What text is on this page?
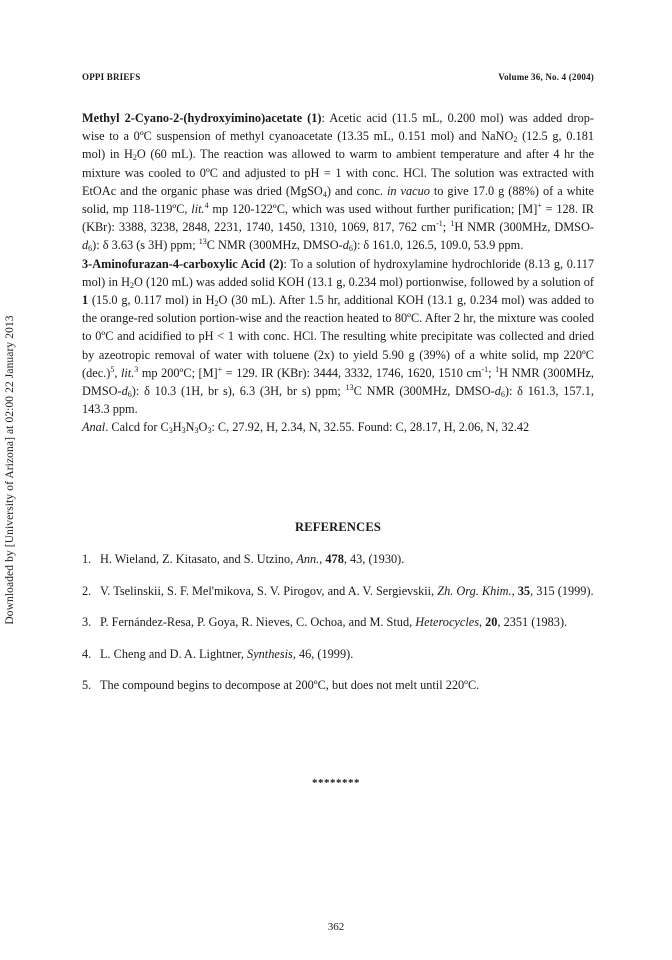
Downloaded by [University of Arizona] at 02:00 22 January 2013
OPPI BRIEFS	Volume 36, No. 4 (2004)

Methyl 2-Cyano-2-(hydroxyimino)acetate (1): Acetic acid (11.5 mL, 0.200 mol) was added drop-wise to a 0ºC suspension of methyl cyanoacetate (13.35 mL, 0.151 mol) and NaNO$_2$ (12.5 g, 0.181 mol) in $H_2O$ (60 mL). The reaction was allowed to warm to ambient temperature and after 4 hr the mixture was cooled to 0ºC and adjusted to pH = 1 with conc. HCl. The solution was extracted with EtOAc and the organic phase was dried (MgSO$_4$) and conc. in vacuo to give 17.0 g (88%) of a white solid, mp 118-119ºC, lit.$^4$ mp 120-122ºC, which was used without further purification; [M]+ = 128. IR (KBr): 3388, 3238, 2848, 2231, 1740, 1450, 1310, 1069, 817, 762 $cm^{-1}$; $^1$H NMR (300MHz, DMSO-$d_6$): δ 3.63 (s 3H) ppm; $^{13}$C NMR (300MHz, DMSO-$d_6$): δ 161.0, 126.5, 109.0, 53.9 ppm.

3-Aminofurazan-4-carboxylic Acid (2): To a solution of hydroxylamine hydrochloride (8.13 g, 0.117 mol) in $H_2O$ (120 mL) was added solid KOH (13.1 g, 0.234 mol) portionwise, followed by a solution of 1 (15.0 g, 0.117 mol) in $H_2O$ (30 mL). After 1.5 hr, additional KOH (13.1 g, 0.234 mol) was added to the orange-red solution portion-wise and the reaction heated to 80ºC. After 2 hr, the mixture was cooled to 0ºC and acidified to pH < 1 with conc. HCl. The resulting white precipitate was collected and dried by azeotropic removal of water with toluene (2x) to yield 5.90 g (39%) of a white solid, mp 220ºC $(dec.)^5$, lit.$^3$ mp 200ºC; [M]+ = 129. IR (KBr): 3444, 3332, 1746, 1620, 1510 $cm^{-1}$; $^1$H NMR (300MHz, DMSO-$d_6$): δ 10.3 (1H, br s), 6.3 (3H, br s) ppm; $^{13}$C NMR (300MHz, DMSO-$d_6$): δ 161.3, 157.1, 143.3 ppm.

Anal. Calcd for $C_3H_3N_3O_3$: C, 27.92, H, 2.34, N, 32.55. Found: C, 28.17, H, 2.06, N, 32.42

REFERENCES
1. H. Wieland, Z. Kitasato, and S. Utzino, Ann., 478, 43, (1930).
2. V. Tselinskii, S. F. Mel'mikova, S. V. Pirogov, and A. V. Sergievskii, Zh. Org. Khim., 35, 315 (1999).
3. P. Fernández-Resa, P. Goya, R. Nieves, C. Ochoa, and M. Stud, Heterocycles, 20, 2351 (1983).
4. L. Cheng and D. A. Lightner, Synthesis, 46, (1999).
5. The compound begins to decompose at 200ºC, but does not melt until 220ºC.
********
362
